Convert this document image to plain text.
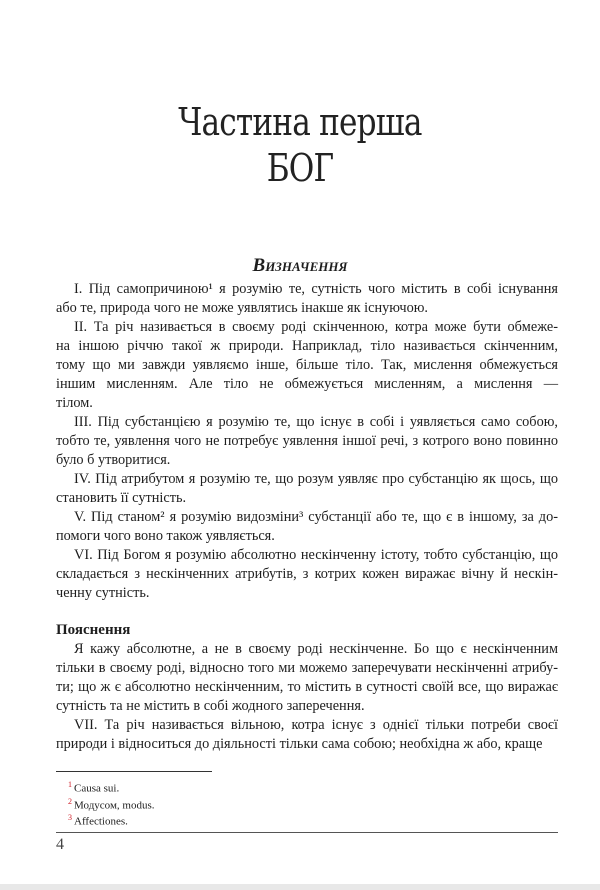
Частина перша
БОГ
Визначення
I. Під самопричиною¹ я розумію те, сутність чого містить в собі існування
або те, природа чого не може уявлятись інакше як існуючою.
II. Та річ називається в своєму роді скінченною, котра може бути обмеже-
на іншою річчю такої ж природи. Наприклад, тіло називається скінченним,
тому що ми завжди уявляємо інше, більше тіло. Так, мислення обмежується
іншим мисленням. Але тіло не обмежується мисленням, а мислення —
тілом.
III. Під субстанцією я розумію те, що існує в собі і уявляється само собою,
тобто те, уявлення чого не потребує уявлення іншої речі, з котрого воно повинно
було б утворитися.
IV. Під атрибутом я розумію те, що розум уявляє про субстанцію як щось, що
становить її сутність.
V. Під станом² я розумію видозміни³ субстанції або те, що є в іншому, за до-
помоги чого воно також уявляється.
VI. Під Богом я розумію абсолютно нескінченну істоту, тобто субстанцію, що
складається з нескінченних атрибутів, з котрих кожен виражає вічну й нескін-
ченну сутність.
Пояснення
Я кажу абсолютне, а не в своєму роді нескінченне. Бо що є нескінченним
тільки в своєму роді, відносно того ми можемо заперечувати нескінченні атрибу-
ти; що ж є абсолютно нескінченним, то містить в сутності своїй все, що виражає
сутність та не містить в собі жодного заперечення.
VII. Та річ називається вільною, котра існує з однієї тільки потреби своєї
природи і відноситься до діяльності тільки сама собою; необхідна ж або, краще
$^1$ Causa sui.
$^2$ Модусом, modus.
$^3$ Affectiones.
4
